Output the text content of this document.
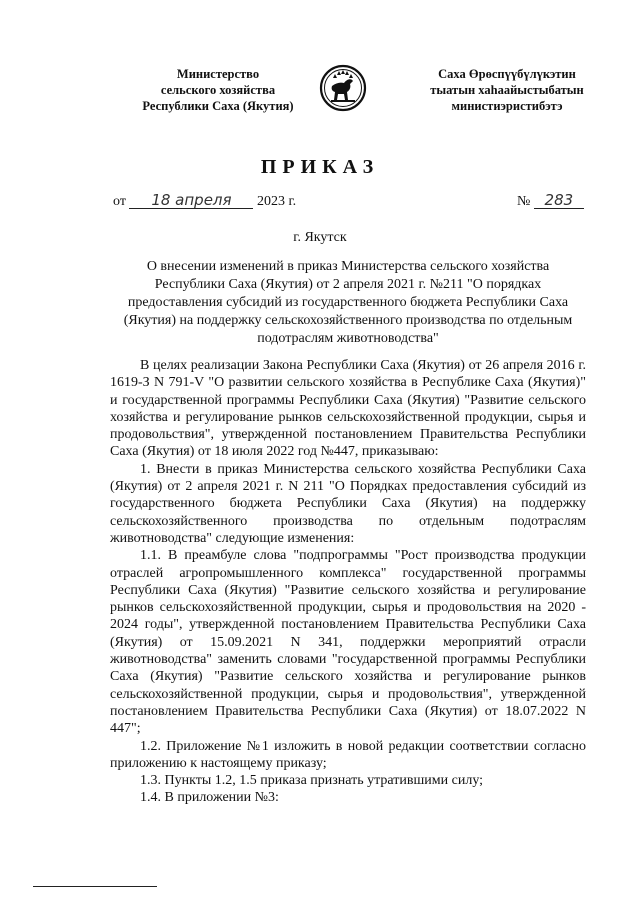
Министерство
сельского хозяйства
Республики Саха (Якутия)
Саха Өрөспүүбүлүкэтин
тыатын хаһаайыстыбатын
министиэристибэтэ
ПРИКАЗ
от 18 апреля 2023 г.	№ 283
г. Якутск
О внесении изменений в приказ Министерства сельского хозяйства Республики Саха (Якутия) от 2 апреля 2021 г. №211 "О порядках предоставления субсидий из государственного бюджета Республики Саха (Якутия) на поддержку сельскохозяйственного производства по отдельным подотраслям животноводства"

В целях реализации Закона Республики Саха (Якутия) от 26 апреля 2016 г. 1619-З N 791-V "О развитии сельского хозяйства в Республике Саха (Якутия)" и государственной программы Республики Саха (Якутия) "Развитие сельского хозяйства и регулирование рынков сельскохозяйственной продукции, сырья и продовольствия", утвержденной постановлением Правительства Республики Саха (Якутия) от 18 июля 2022 год №447, приказываю:

1. Внести в приказ Министерства сельского хозяйства Республики Саха (Якутия) от 2 апреля 2021 г. N 211 "О Порядках предоставления субсидий из государственного бюджета Республики Саха (Якутия) на поддержку сельскохозяйственного производства по отдельным подотраслям животноводства" следующие изменения:

1.1. В преамбуле слова "подпрограммы "Рост производства продукции отраслей агропромышленного комплекса" государственной программы Республики Саха (Якутия) "Развитие сельского хозяйства и регулирование рынков сельскохозяйственной продукции, сырья и продовольствия на 2020 - 2024 годы", утвержденной постановлением Правительства Республики Саха (Якутия) от 15.09.2021 N 341, поддержки мероприятий отрасли животноводства" заменить словами "государственной программы Республики Саха (Якутия) "Развитие сельского хозяйства и регулирование рынков сельскохозяйственной продукции, сырья и продовольствия", утвержденной постановлением Правительства Республики Саха (Якутия) от 18.07.2022 N 447";

1.2. Приложение №1 изложить в новой редакции соответствии согласно приложению к настоящему приказу;

1.3. Пункты 1.2, 1.5 приказа признать утратившими силу;

1.4. В приложении №3:
